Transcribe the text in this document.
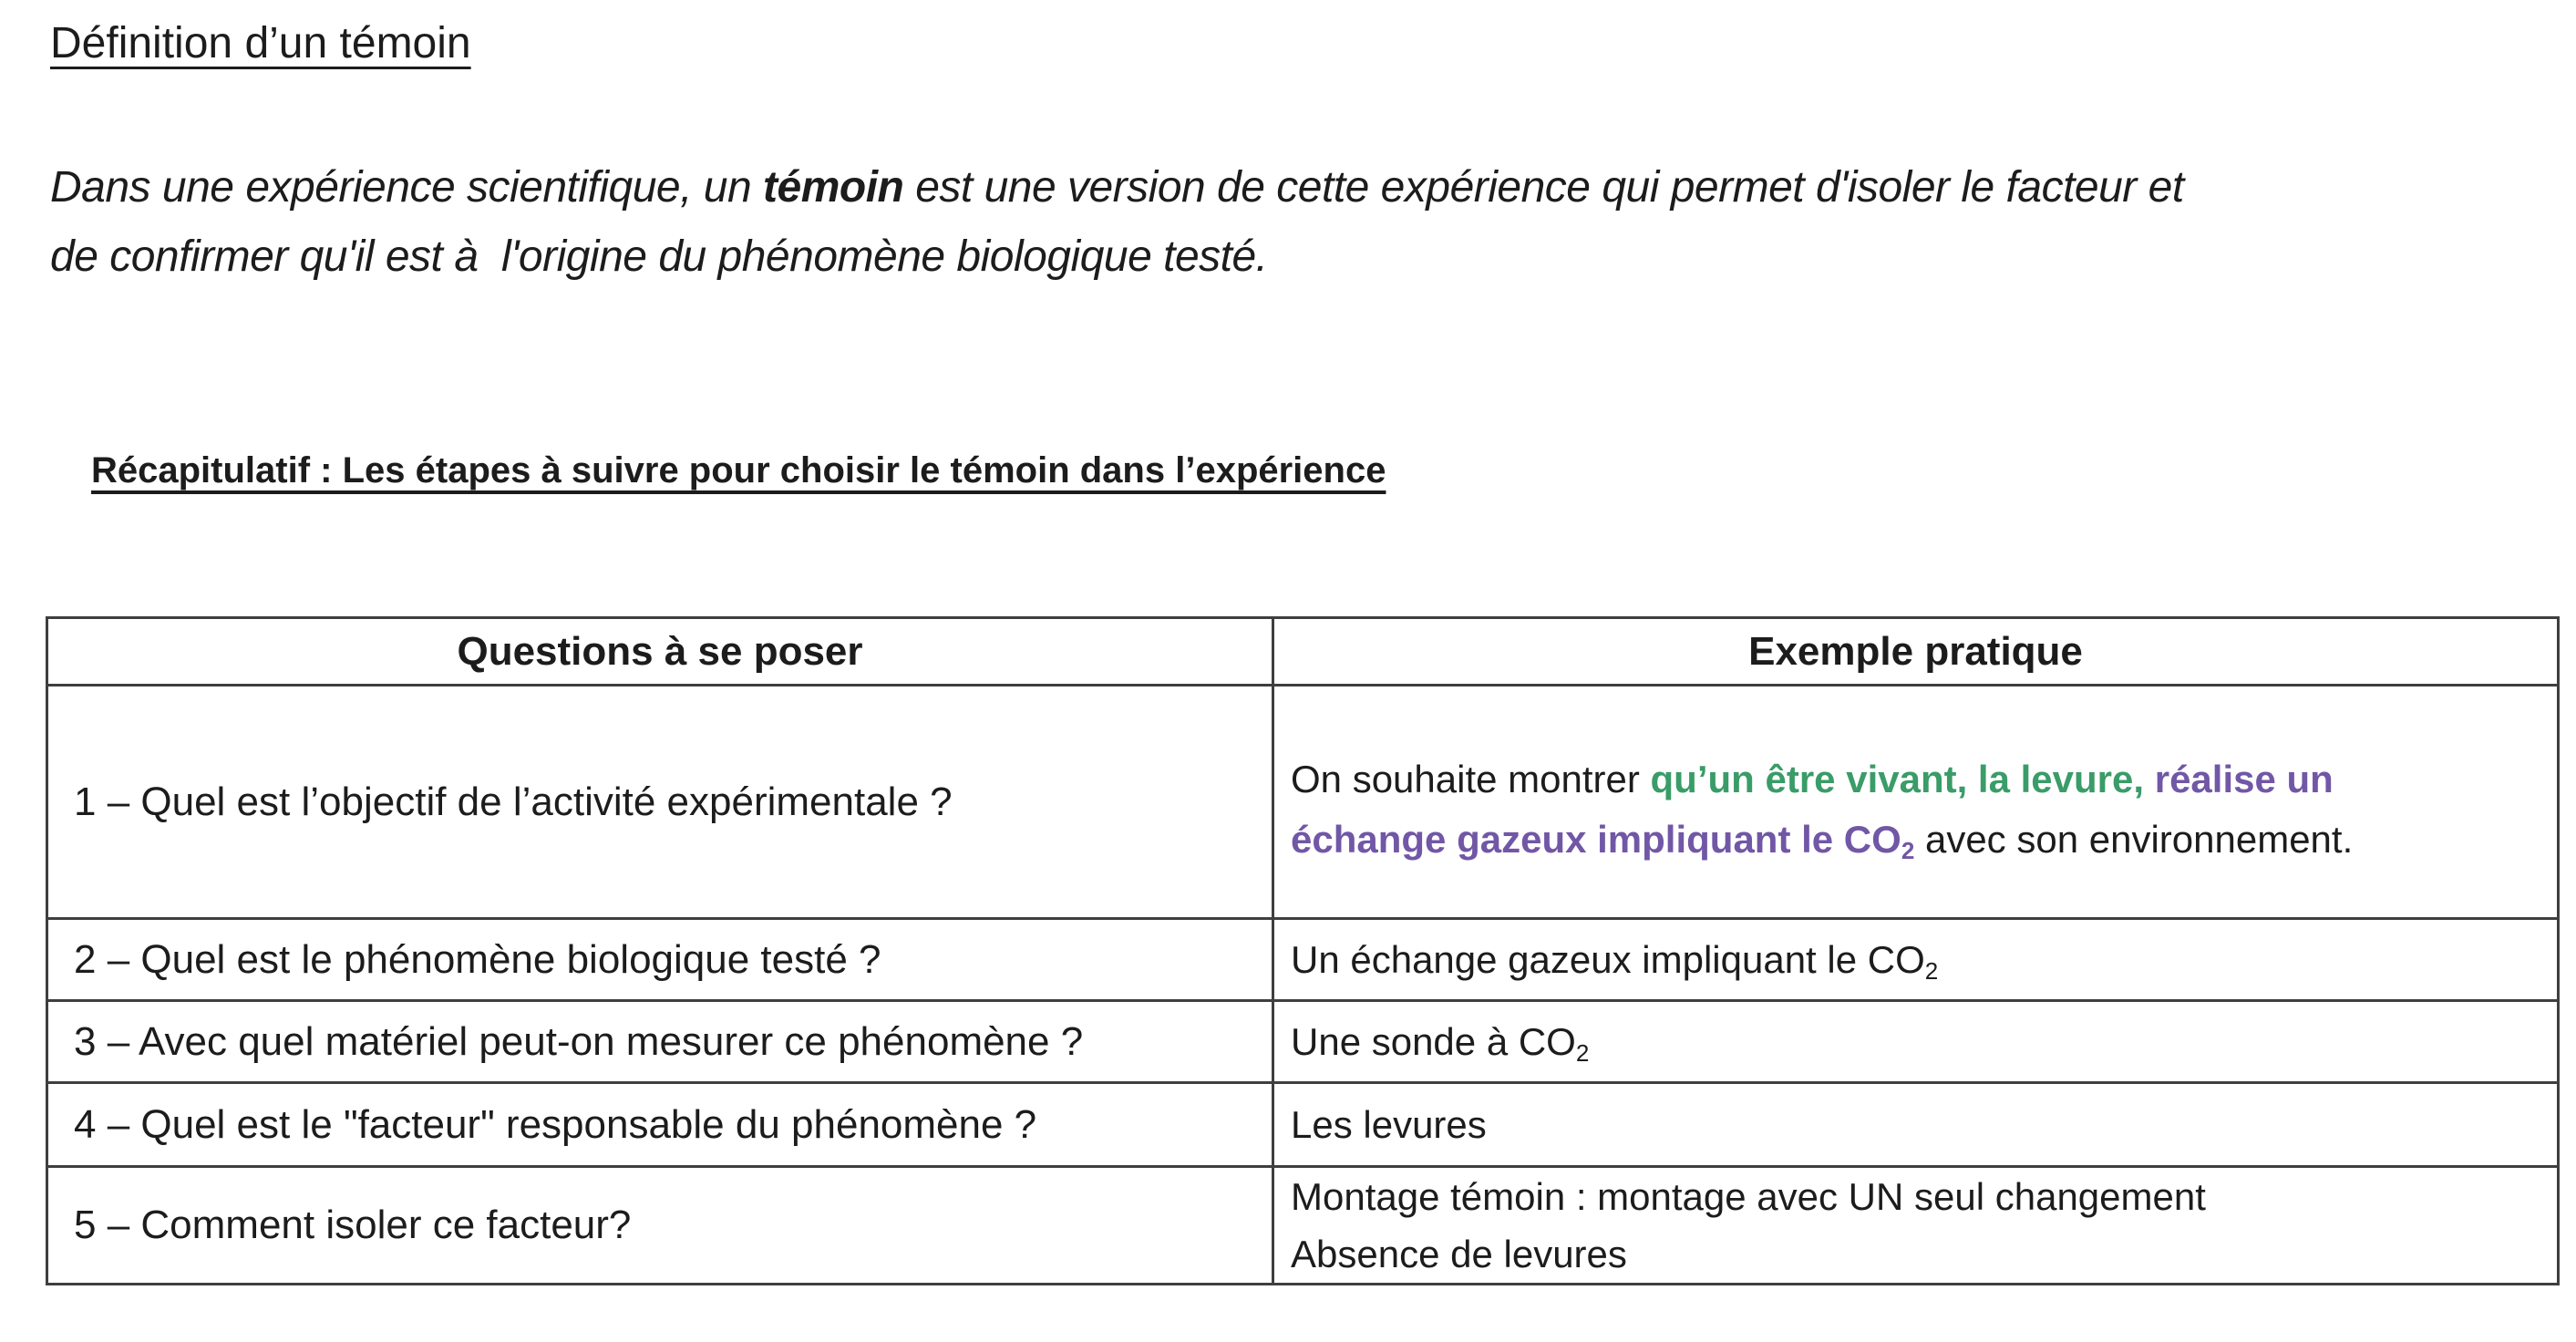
Définition d’un témoin

Dans une expérience scientifique, un témoin est une version de cette expérience qui permet d'isoler le facteur et
de confirmer qu'il est à  l'origine du phénomène biologique testé.

Récapitulatif : Les étapes à suivre pour choisir le témoin dans l’expérience
Questions à se poser	Exemple pratique
1 – Quel est l’objectif de l’activité expérimentale ?	On souhaite montrer qu’un être vivant, la levure, réalise un
échange gazeux impliquant le CO2 avec son environnement.
2 – Quel est le phénomène biologique testé ?	Un échange gazeux impliquant le CO2
3 – Avec quel matériel peut-on mesurer ce phénomène ?	Une sonde à CO2
4 – Quel est le "facteur" responsable du phénomène ?	Les levures
5 – Comment isoler ce facteur?	Montage témoin : montage avec UN seul changement
Absence de levures
